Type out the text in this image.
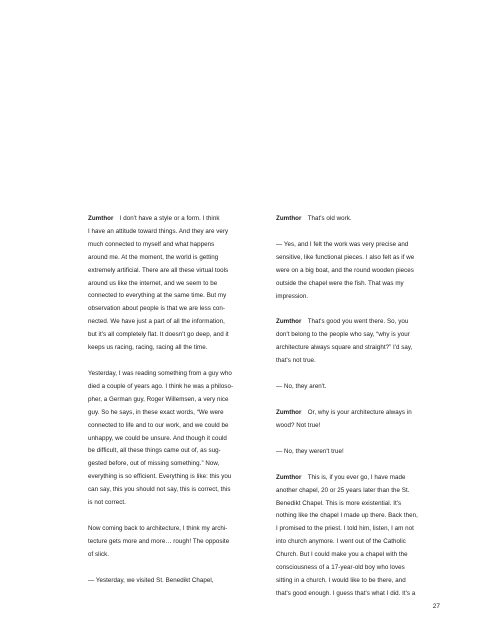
Zumthor  I don't have a style or a form. I think
I have an attitude toward things. And they are very
much connected to myself and what happens
around me. At the moment, the world is getting
extremely artificial. There are all these virtual tools
around us like the internet, and we seem to be
connected to everything at the same time. But my
observation about people is that we are less con-
nected. We have just a part of all the information,
but it's all completely flat. It doesn't go deep, and it
keeps us racing, racing, racing all the time.

Yesterday, I was reading something from a guy who
died a couple of years ago. I think he was a philoso-
pher, a German guy, Roger Willemsen, a very nice
guy. So he says, in these exact words, “We were
connected to life and to our work, and we could be
unhappy, we could be unsure. And though it could
be difficult, all these things came out of, as sug-
gested before, out of missing something.” Now,
everything is so efficient. Everything is like: this you
can say, this you should not say, this is correct, this
is not correct.

Now coming back to architecture, I think my archi-
tecture gets more and more… rough! The opposite
of slick.

— Yesterday, we visited St. Benedikt Chapel,

Zumthor  That's old work.

— Yes, and I felt the work was very precise and
sensitive, like functional pieces. I also felt as if we
were on a big boat, and the round wooden pieces
outside the chapel were the fish. That was my
impression.

Zumthor  That's good you went there. So, you
don't belong to the people who say, “why is your
architecture always square and straight?” I'd say,
that's not true.

— No, they aren't.

Zumthor  Or, why is your architecture always in
wood? Not true!

— No, they weren't true!

Zumthor  This is, if you ever go, I have made
another chapel, 20 or 25 years later than the St.
Benedikt Chapel. This is more existential. It's
nothing like the chapel I made up there. Back then,
I promised to the priest. I told him, listen, I am not
into church anymore. I went out of the Catholic
Church. But I could make you a chapel with the
consciousness of a 17-year-old boy who loves
sitting in a church. I would like to be there, and
that's good enough. I guess that's what I did. It's a

27
